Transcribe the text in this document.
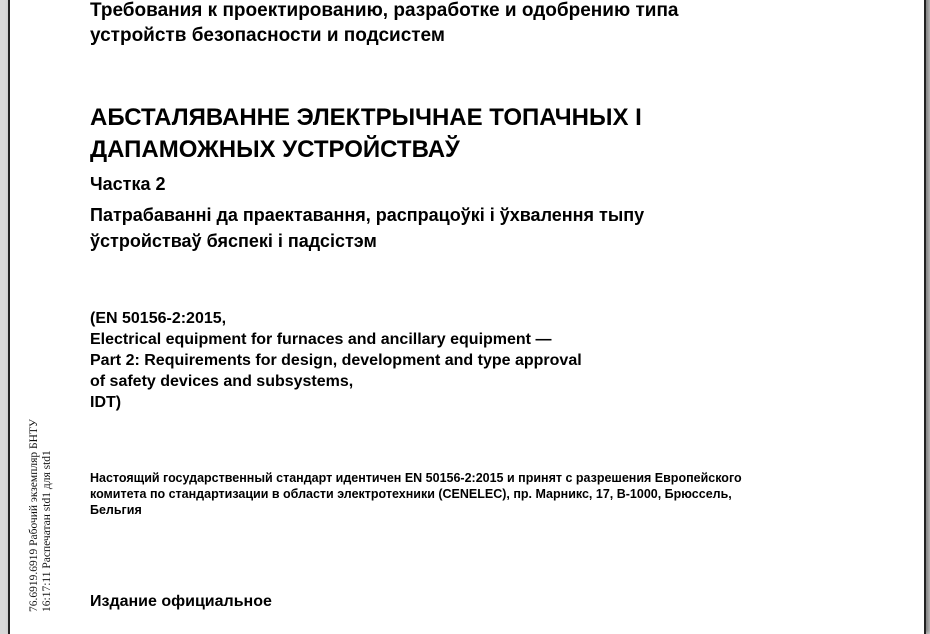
Требования к проектированию, разработке и одобрению типа
устройств безопасности и подсистем
АБСТАЛЯВАННЕ ЭЛЕКТРЫЧНАЕ ТОПАЧНЫХ І
ДАПАМОЖНЫХ УСТРОЙСТВАЎ
Частка 2
Патрабаванні да праектавання, распрацоўкі і ўхвалення тыпу
ўстройстваў бяспекі і падсістэм
(EN 50156-2:2015,
Electrical equipment for furnaces and ancillary equipment —
Part 2: Requirements for design, development and type approval
of safety devices and subsystems,
IDT)
Настоящий государственный стандарт идентичен EN 50156-2:2015 и принят с разрешения Европейского
комитета по стандартизации в области электротехники (CENELEC), пр. Марникс, 17, B-1000, Брюссель,
Бельгия
Издание официальное
76.6919.6919 Рабочий экземпляр БНТУ 16:17:11 Распечатан std1 для std1
